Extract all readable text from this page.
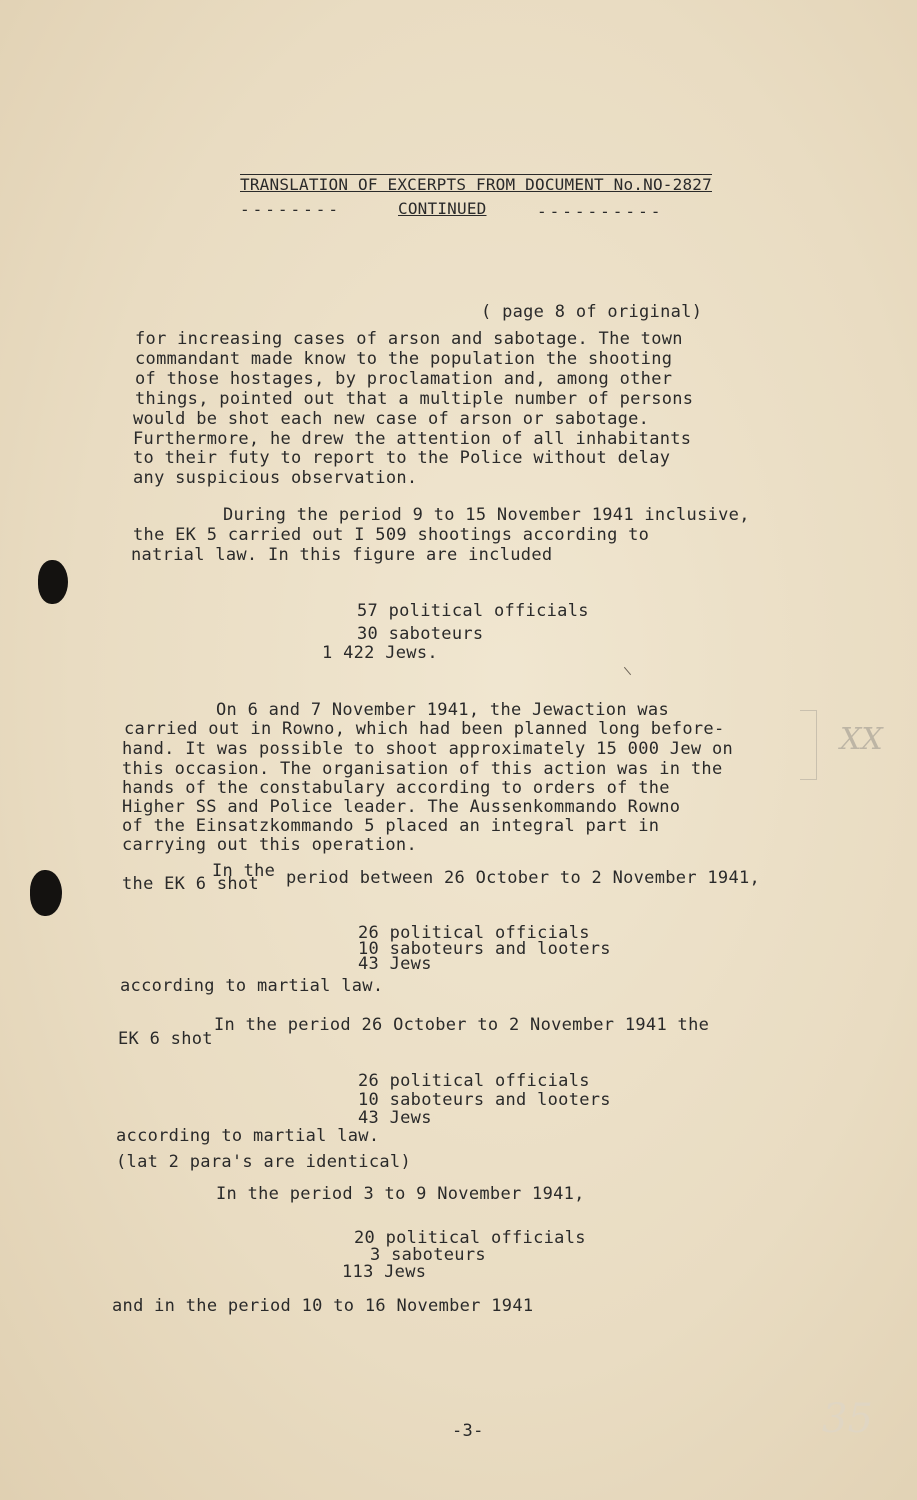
TRANSLATION OF EXCERPTS FROM DOCUMENT No.NO-2827
--------	CONTINUED	----------
( page 8 of original)
for increasing cases of arson and sabotage. The town
commandant made know to the population the shooting
of those hostages, by proclamation and, among other
things, pointed out that a multiple number of persons
would be shot each new case of arson or sabotage.
Furthermore, he drew the attention of all inhabitants
to their futy to report to the Police without delay
any suspicious observation.
During the period 9 to 15 November 1941 inclusive,
the EK 5 carried out I 509 shootings according to
natrial law. In this figure are included
57 political officials
30 saboteurs
1 422 Jews.
On 6 and 7 November 1941, the Jewaction was
carried out in Rowno, which had been planned long before-
hand. It was possible to shoot approximately 15 000 Jew on
this occasion. The organisation of this action was in the
hands of the constabulary according to orders of the
Higher SS and Police leader. The Aussenkommando Rowno
of the Einsatzkommando 5 placed an integral part in
carrying out this operation.
In the
the EK 6 shot period between 26 October to 2 November 1941,
26 political officials
10 saboteurs and looters
43 Jews
according to martial law.
In the period 26 October to 2 November 1941 the
EK 6 shot
26 political officials
10 saboteurs and looters
43 Jews
according to martial law.
(lat 2 para's are identical)
In the period 3 to 9 November 1941,
20 political officials
3 saboteurs
113 Jews
and in the period 10 to 16 November 1941
-3-
XX
35
